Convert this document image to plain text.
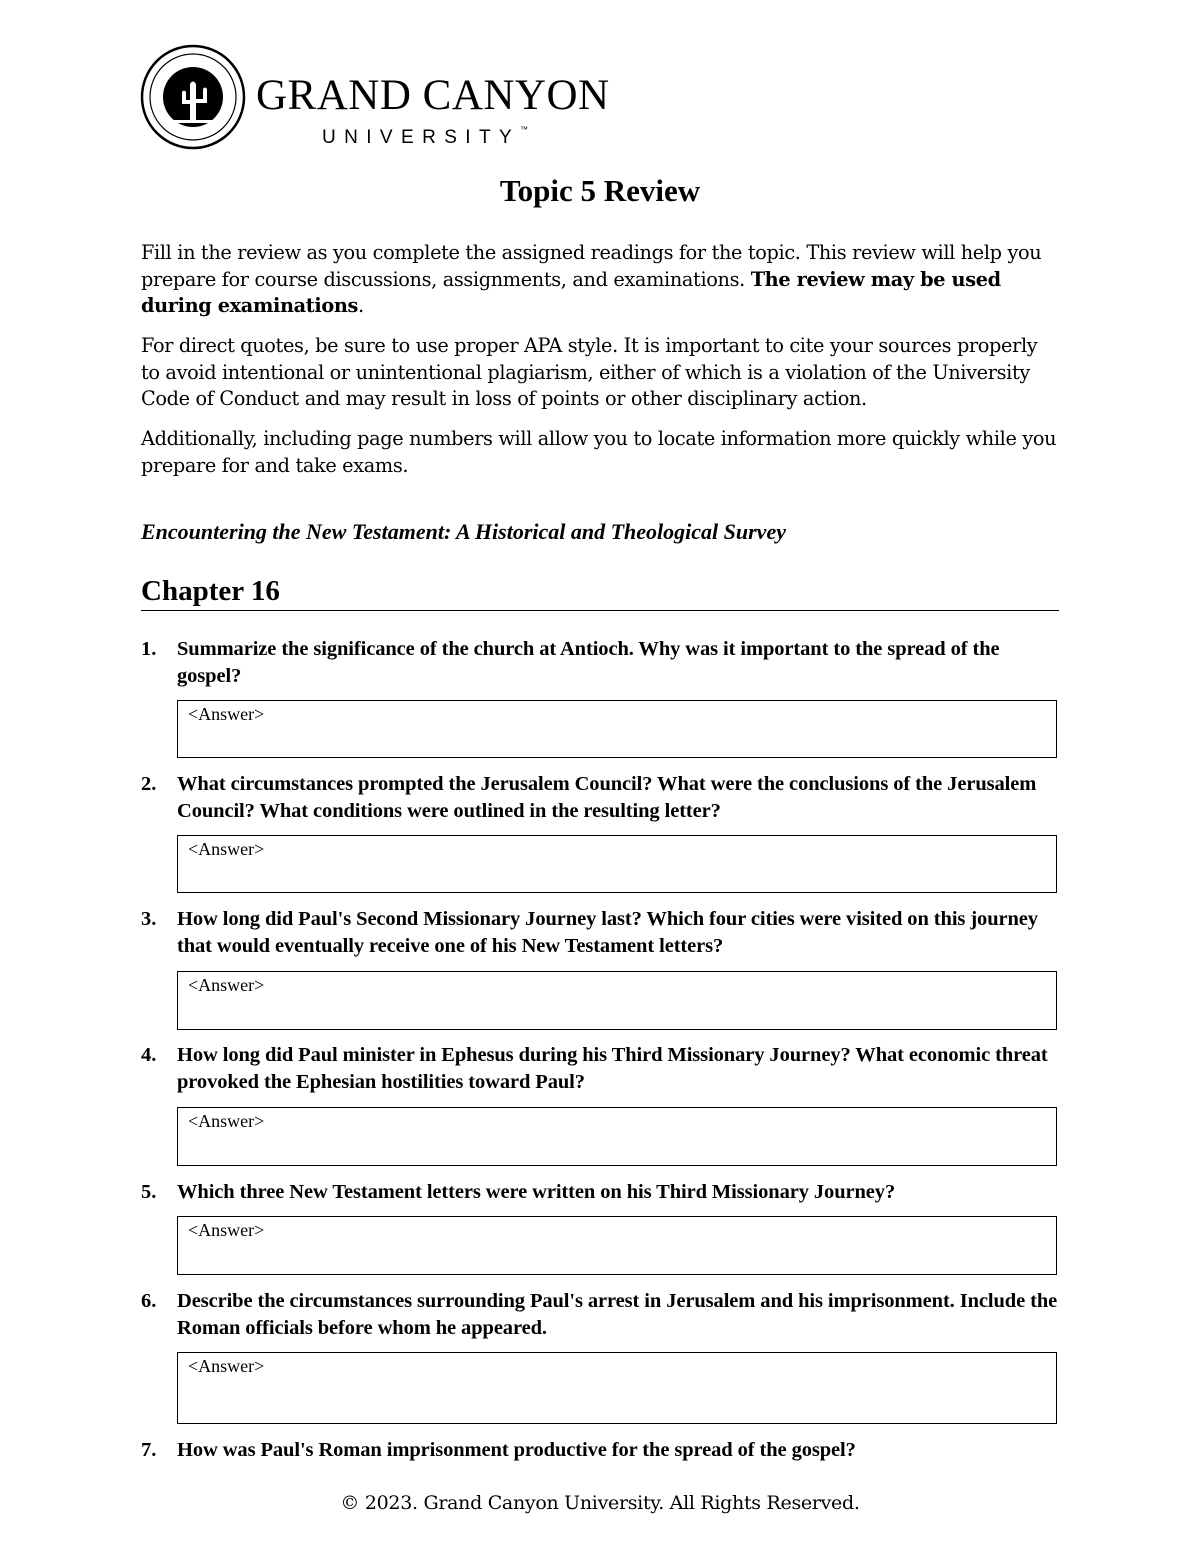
GRAND CANYON
UNIVERSITY™
Topic 5 Review

Fill in the review as you complete the assigned readings for the topic. This review will help you prepare for course discussions, assignments, and examinations. The review may be used during examinations.

For direct quotes, be sure to use proper APA style. It is important to cite your sources properly to avoid intentional or unintentional plagiarism, either of which is a violation of the University Code of Conduct and may result in loss of points or other disciplinary action.

Additionally, including page numbers will allow you to locate information more quickly while you prepare for and take exams.

Encountering the New Testament: A Historical and Theological Survey
Chapter 16
1. Summarize the significance of the church at Antioch. Why was it important to the spread of the gospel?
<Answer>
2. What circumstances prompted the Jerusalem Council? What were the conclusions of the Jerusalem Council? What conditions were outlined in the resulting letter?
<Answer>
3. How long did Paul's Second Missionary Journey last? Which four cities were visited on this journey that would eventually receive one of his New Testament letters?
<Answer>
4. How long did Paul minister in Ephesus during his Third Missionary Journey? What economic threat provoked the Ephesian hostilities toward Paul?
<Answer>
5. Which three New Testament letters were written on his Third Missionary Journey?
<Answer>
6. Describe the circumstances surrounding Paul's arrest in Jerusalem and his imprisonment. Include the Roman officials before whom he appeared.
<Answer>
7. How was Paul's Roman imprisonment productive for the spread of the gospel?
© 2023. Grand Canyon University. All Rights Reserved.
